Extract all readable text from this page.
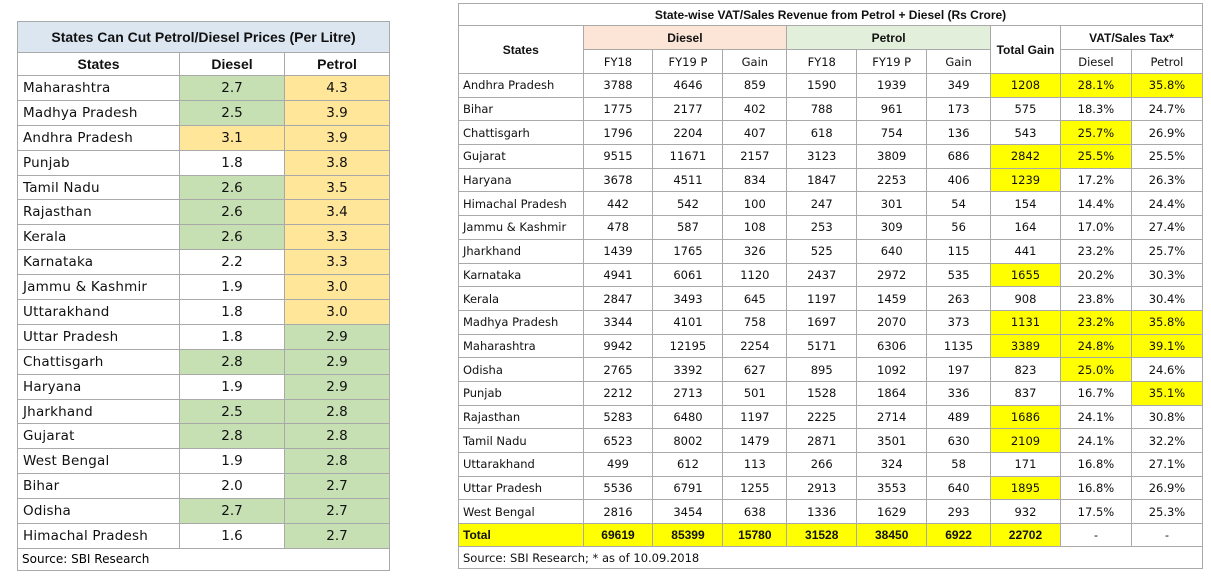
States Can Cut Petrol/Diesel Prices (Per Litre)		
States	Diesel	Petrol
Maharashtra	2.7	4.3
Madhya Pradesh	2.5	3.9
Andhra Pradesh	3.1	3.9
Punjab	1.8	3.8
Tamil Nadu	2.6	3.5
Rajasthan	2.6	3.4
Kerala	2.6	3.3
Karnataka	2.2	3.3
Jammu & Kashmir	1.9	3.0
Uttarakhand	1.8	3.0
Uttar Pradesh	1.8	2.9
Chattisgarh	2.8	2.9
Haryana	1.9	2.9
Jharkhand	2.5	2.8
Gujarat	2.8	2.8
West Bengal	1.9	2.8
Bihar	2.0	2.7
Odisha	2.7	2.7
Himachal Pradesh	1.6	2.7
Source: SBI Research		
State-wise VAT/Sales Revenue from Petrol + Diesel (Rs Crore)									
States	Diesel			Petrol			Total Gain	VAT/Sales Tax*	
	FY18	FY19 P	Gain	FY18	FY19 P	Gain		Diesel	Petrol
Andhra Pradesh	3788	4646	859	1590	1939	349	1208	28.1%	35.8%
Bihar	1775	2177	402	788	961	173	575	18.3%	24.7%
Chattisgarh	1796	2204	407	618	754	136	543	25.7%	26.9%
Gujarat	9515	11671	2157	3123	3809	686	2842	25.5%	25.5%
Haryana	3678	4511	834	1847	2253	406	1239	17.2%	26.3%
Himachal Pradesh	442	542	100	247	301	54	154	14.4%	24.4%
Jammu & Kashmir	478	587	108	253	309	56	164	17.0%	27.4%
Jharkhand	1439	1765	326	525	640	115	441	23.2%	25.7%
Karnataka	4941	6061	1120	2437	2972	535	1655	20.2%	30.3%
Kerala	2847	3493	645	1197	1459	263	908	23.8%	30.4%
Madhya Pradesh	3344	4101	758	1697	2070	373	1131	23.2%	35.8%
Maharashtra	9942	12195	2254	5171	6306	1135	3389	24.8%	39.1%
Odisha	2765	3392	627	895	1092	197	823	25.0%	24.6%
Punjab	2212	2713	501	1528	1864	336	837	16.7%	35.1%
Rajasthan	5283	6480	1197	2225	2714	489	1686	24.1%	30.8%
Tamil Nadu	6523	8002	1479	2871	3501	630	2109	24.1%	32.2%
Uttarakhand	499	612	113	266	324	58	171	16.8%	27.1%
Uttar Pradesh	5536	6791	1255	2913	3553	640	1895	16.8%	26.9%
West Bengal	2816	3454	638	1336	1629	293	932	17.5%	25.3%
Total	69619	85399	15780	31528	38450	6922	22702	-	-
Source: SBI Research; * as of 10.09.2018									
